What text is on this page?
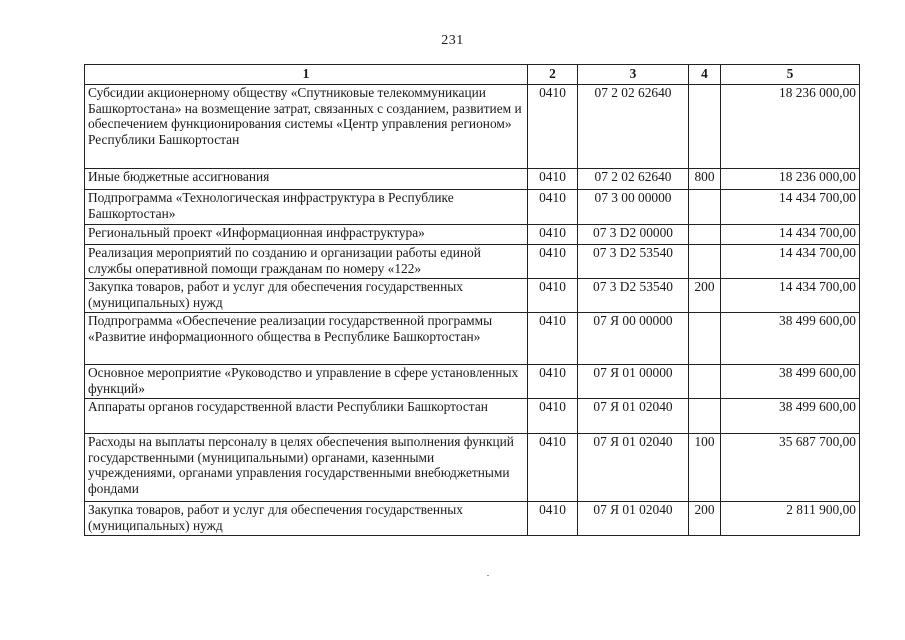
231
1	2	3	4	5
Субсидии акционерному обществу «Спутниковые телекоммуникации Башкортостана» на возмещение затрат, связанных с созданием, развитием и обеспечением функционирования системы «Центр управления регионом» Республики Башкортостан	0410	07 2 02 62640		18 236 000,00
Иные бюджетные ассигнования	0410	07 2 02 62640	800	18 236 000,00
Подпрограмма «Технологическая инфраструктура в Республике Башкортостан»	0410	07 3 00 00000		14 434 700,00
Региональный проект «Информационная инфраструктура»	0410	07 3 D2 00000		14 434 700,00
Реализация мероприятий по созданию и организации работы единой службы оперативной помощи гражданам по номеру «122»	0410	07 3 D2 53540		14 434 700,00
Закупка товаров, работ и услуг для обеспечения государственных (муниципальных) нужд	0410	07 3 D2 53540	200	14 434 700,00
Подпрограмма «Обеспечение реализации государственной программы «Развитие информационного общества в Республике Башкортостан»	0410	07 Я 00 00000		38 499 600,00
Основное мероприятие «Руководство и управление в сфере установленных функций»	0410	07 Я 01 00000		38 499 600,00
Аппараты органов государственной власти Республики Башкортостан	0410	07 Я 01 02040		38 499 600,00
Расходы на выплаты персоналу в целях обеспечения выполнения функций государственными (муниципальными) органами, казенными учреждениями, органами управления государственными внебюджетными фондами	0410	07 Я 01 02040	100	35 687 700,00
Закупка товаров, работ и услуг для обеспечения государственных (муниципальных) нужд	0410	07 Я 01 02040	200	2 811 900,00
